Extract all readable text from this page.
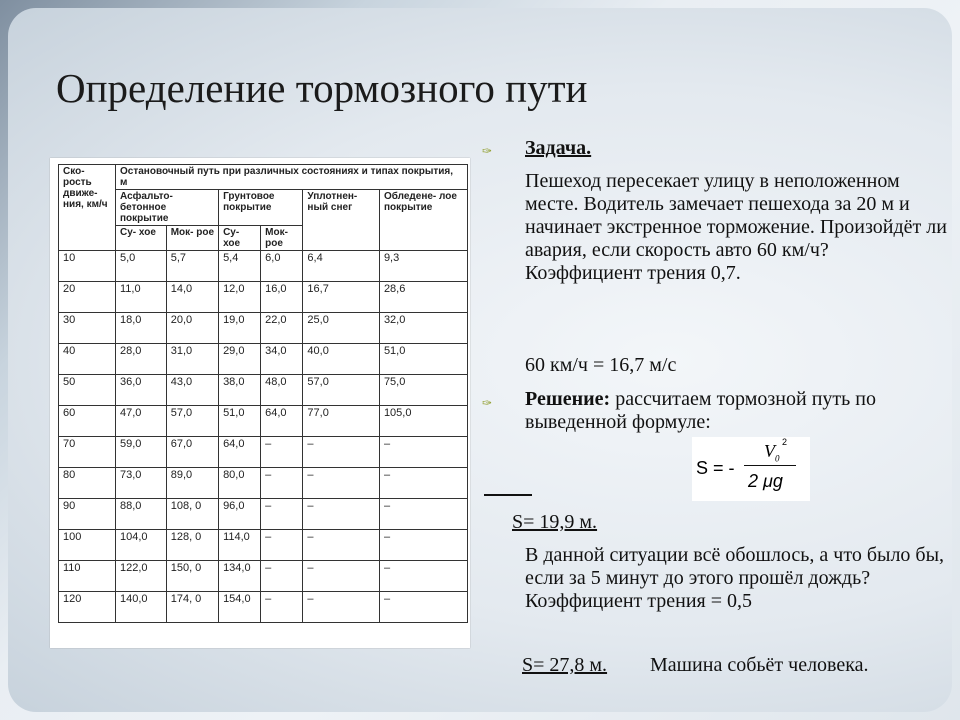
Определение тормозного пути
Ско- рость движе- ния, км/ч	Остановочный путь при различных состояниях и типах покрытия, м					
	Асфальто- бетонное покрытие		Грунтовое покрытие		Уплотнен- ный снег	Обледене- лое покрытие
	Су- хое	Мок- рое	Су- хое	Мок- рое		
10	5,0	5,7	5,4	6,0	6,4	9,3
20	11,0	14,0	12,0	16,0	16,7	28,6
30	18,0	20,0	19,0	22,0	25,0	32,0
40	28,0	31,0	29,0	34,0	40,0	51,0
50	36,0	43,0	38,0	48,0	57,0	75,0
60	47,0	57,0	51,0	64,0	77,0	105,0
70	59,0	67,0	64,0	–	–	–
80	73,0	89,0	80,0	–	–	–
90	88,0	108, 0	96,0	–	–	–
100	104,0	128, 0	114,0	–	–	–
110	122,0	150, 0	134,0	–	–	–
120	140,0	174, 0	154,0	–	–	–
✑ Задача.
Пешеход пересекает улицу в неположенном месте. Водитель замечает пешехода за 20 м и начинает экстренное торможение. Произойдёт ли авария, если скорость авто 60 км/ч? Коэффициент трения 0,7.
60 км/ч = 16,7 м/с
✑ Решение: рассчитаем тормозной путь по выведенной формуле:
S= 19,9 м.
В данной ситуации всё обошлось, а что было бы, если за 5 минут до этого прошёл дождь? Коэффициент трения = 0,5
S= 27,8 м.	Машина собьёт человека.
S = -
$V_0$
2
2 μg
